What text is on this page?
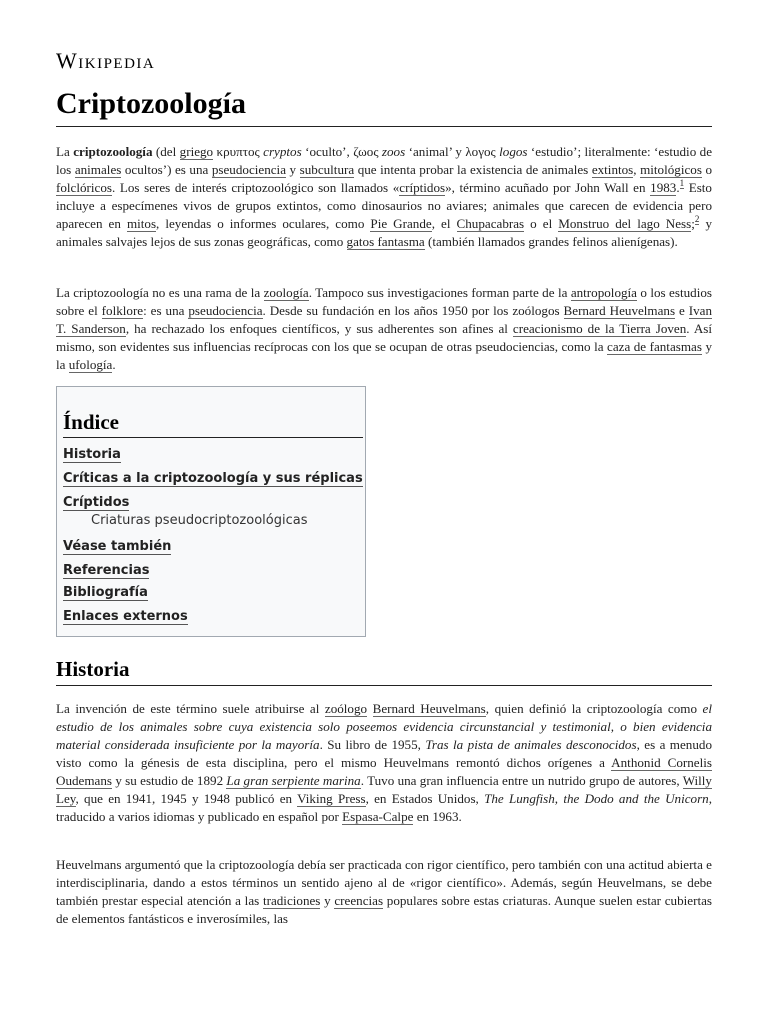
Wikipedia
Criptozoología
La criptozoología (del griego κρυπτος cryptos ‘oculto’, ζωος zoos ‘animal’ y λογος logos ‘estudio’; literalmente: ‘estudio de los animales ocultos’) es una pseudociencia y subcultura que intenta probar la existencia de animales extintos, mitológicos o folclóricos. Los seres de interés criptozoológico son llamados «críptidos», término acuñado por John Wall en 1983.$^1$ Esto incluye a especímenes vivos de grupos extintos, como dinosaurios no aviares; animales que carecen de evidencia pero aparecen en mitos, leyendas o informes oculares, como Pie Grande, el Chupacabras o el Monstruo del lago Ness;$^2$ y animales salvajes lejos de sus zonas geográficas, como gatos fantasma (también llamados grandes felinos alienígenas).
La criptozoología no es una rama de la zoología. Tampoco sus investigaciones forman parte de la antropología o los estudios sobre el folklore: es una pseudociencia. Desde su fundación en los años 1950 por los zoólogos Bernard Heuvelmans e Ivan T. Sanderson, ha rechazado los enfoques científicos, y sus adherentes son afines al creacionismo de la Tierra Joven. Así mismo, son evidentes sus influencias recíprocas con los que se ocupan de otras pseudociencias, como la caza de fantasmas y la ufología.
Índice
Historia
Críticas a la criptozoología y sus réplicas
Críptidos
Criaturas pseudocriptozoológicas
Véase también
Referencias
Bibliografía
Enlaces externos
Historia
La invención de este término suele atribuirse al zoólogo Bernard Heuvelmans, quien definió la criptozoología como el estudio de los animales sobre cuya existencia solo poseemos evidencia circunstancial y testimonial, o bien evidencia material considerada insuficiente por la mayoría. Su libro de 1955, Tras la pista de animales desconocidos, es a menudo visto como la génesis de esta disciplina, pero el mismo Heuvelmans remontó dichos orígenes a Anthonid Cornelis Oudemans y su estudio de 1892 La gran serpiente marina. Tuvo una gran influencia entre un nutrido grupo de autores, Willy Ley, que en 1941, 1945 y 1948 publicó en Viking Press, en Estados Unidos, The Lungfish, the Dodo and the Unicorn, traducido a varios idiomas y publicado en español por Espasa-Calpe en 1963.
Heuvelmans argumentó que la criptozoología debía ser practicada con rigor científico, pero también con una actitud abierta e interdisciplinaria, dando a estos términos un sentido ajeno al de «rigor científico». Además, según Heuvelmans, se debe también prestar especial atención a las tradiciones y creencias populares sobre estas criaturas. Aunque suelen estar cubiertas de elementos fantásticos e inverosímiles, las
